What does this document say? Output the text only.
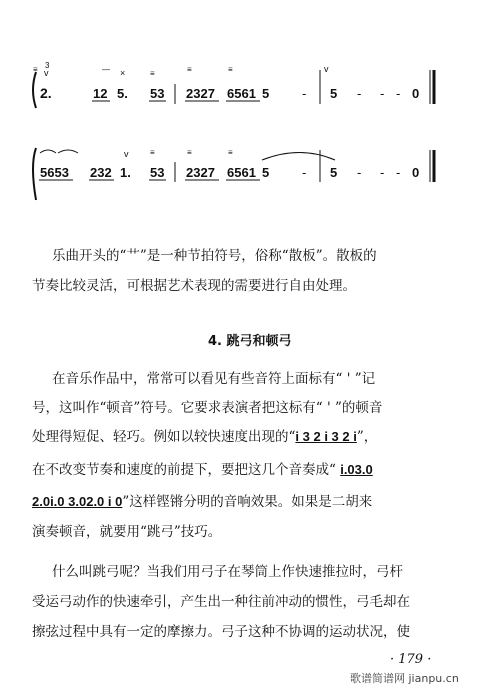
≡ v
3
2.	12 5.
— ×
53
≡
2327 6561
≡	≡
5	-
v
5 - - - 0
5653 232
v
1. 53
≡
2327 6561
≡	≡
5	- 5 - - - 0
乐曲开头的“艹”是一种节拍符号，俗称“散板”。散板的
节奏比较灵活，可根据艺术表现的需要进行自由处理。
4. 跳弓和顿弓
在音乐作品中，常常可以看见有些音符上面标有“ ' ”记
号，这叫作“顿音”符号。它要求表演者把这标有“ ' ”的顿音
处理得短促、轻巧。例如以较快速度出现的“i 3 2 i 3 2 i”，
在不改变节奏和速度的前提下，要把这几个音奏成“ i.03.0
2.0i.0 3.02.0 i 0”这样铿锵分明的音响效果。如果是二胡来
演奏顿音，就要用“跳弓”技巧。
什么叫跳弓呢？当我们用弓子在琴筒上作快速推拉时，弓杆
受运弓动作的快速牵引，产生出一种往前冲动的惯性，弓毛却在
擦弦过程中具有一定的摩擦力。弓子这种不协调的运动状况，使
· 179 ·
歌谱简谱网 jianpu.cn
